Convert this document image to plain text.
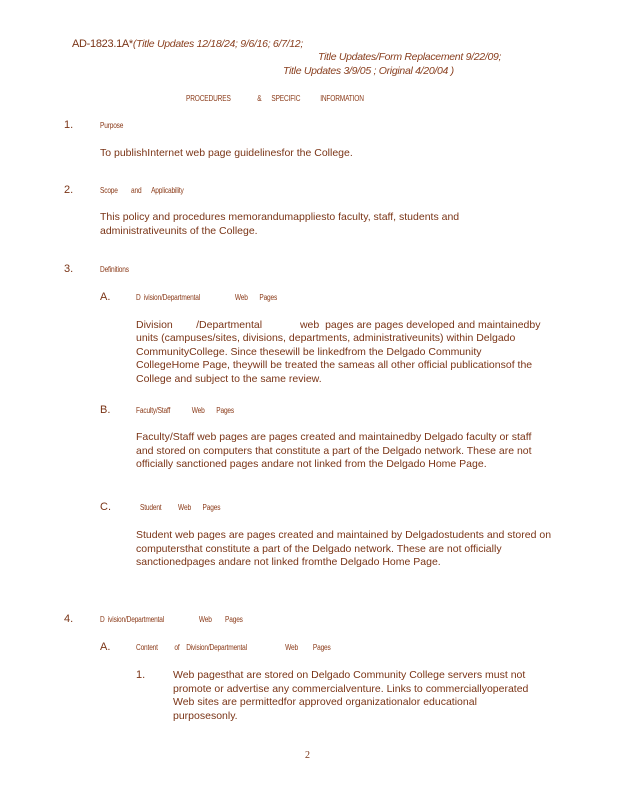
AD-1823.1A*(Title Updates 12/18/24; 9/6/16; 6/7/12;
Title Updates/Form Replacement 9/22/09;
Title Updates 3/9/05 ; Original 4/20/04 )
PROCEDURES                &      SPECIFIC            INFORMATION
1.	Purpose
To publishInternet web page guidelinesfor the College.
2.	Scope        and      Applicability
This policy and procedures memorandumappliesto faculty, staff, students and administrativeunits of the College.
3.	Definitions
A.	D  ivision/Departmental                     Web       Pages
Division        /Departmental             web  pages are pages developed and maintainedby
units (campuses/sites, divisions, departments, administrativeunits) within Delgado CommunityCollege. Since thesewill be linkedfrom the Delgado Community CollegeHome Page, theywill be treated the sameas all other official publicationsof the College and subject to the same review.
B.	Faculty/Staff             Web       Pages
Faculty/Staff web pages are pages created and maintainedby Delgado faculty or staff and stored on computers that constitute a part of the Delgado network. These are not officially sanctioned pages andare not linked from the Delgado Home Page.
C.	Student          Web       Pages
Student web pages are pages created and maintained by Delgadostudents and stored on computersthat constitute a part of the Delgado network. These are not officially sanctionedpages andare not linked fromthe Delgado Home Page.
4.	D  ivision/Departmental                     Web        Pages
A.	Content          of    Division/Departmental                       Web         Pages
1.	Web pagesthat are stored on Delgado Community College servers must not promote or advertise any commercialventure. Links to commerciallyoperated Web sites are permittedfor approved organizationalor educational purposesonly.
2
